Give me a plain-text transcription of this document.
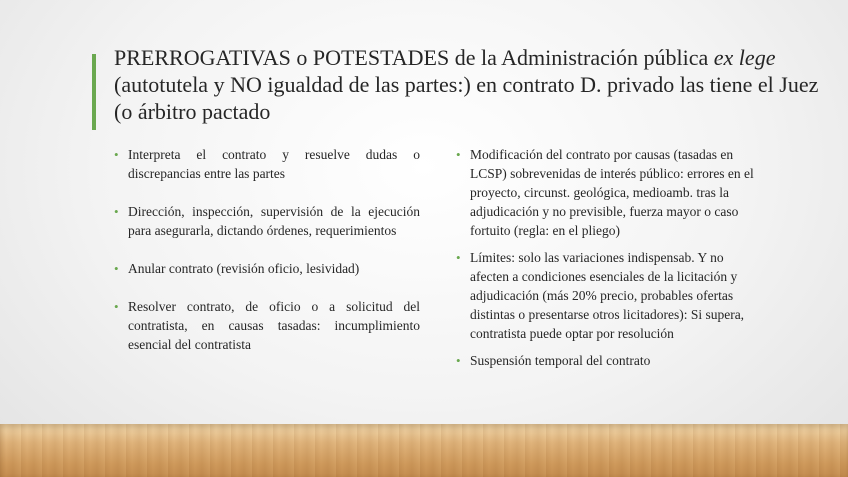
PRERROGATIVAS o POTESTADES de la Administración pública ex lege (autotutela y NO igualdad de las partes:) en contrato D. privado las tiene el Juez (o árbitro pactado
• Interpreta el contrato y resuelve dudas o discrepancias entre las partes
• Dirección, inspección, supervisión de la ejecución para asegurarla, dictando órdenes, requerimientos
• Anular contrato (revisión oficio, lesividad)
• Resolver contrato, de oficio o a solicitud del contratista, en causas tasadas: incumplimiento esencial del contratista
• Modificación del contrato por causas (tasadas en LCSP) sobrevenidas de interés público: errores en el proyecto, circunst. geológica, medioamb. tras la adjudicación y no previsible, fuerza mayor o caso fortuito (regla: en el pliego)
• Límites: solo las variaciones indispensab. Y no afecten a condiciones esenciales de la licitación y adjudicación (más 20% precio, probables ofertas distintas o presentarse otros licitadores): Si supera, contratista puede optar por resolución
• Suspensión temporal del contrato
